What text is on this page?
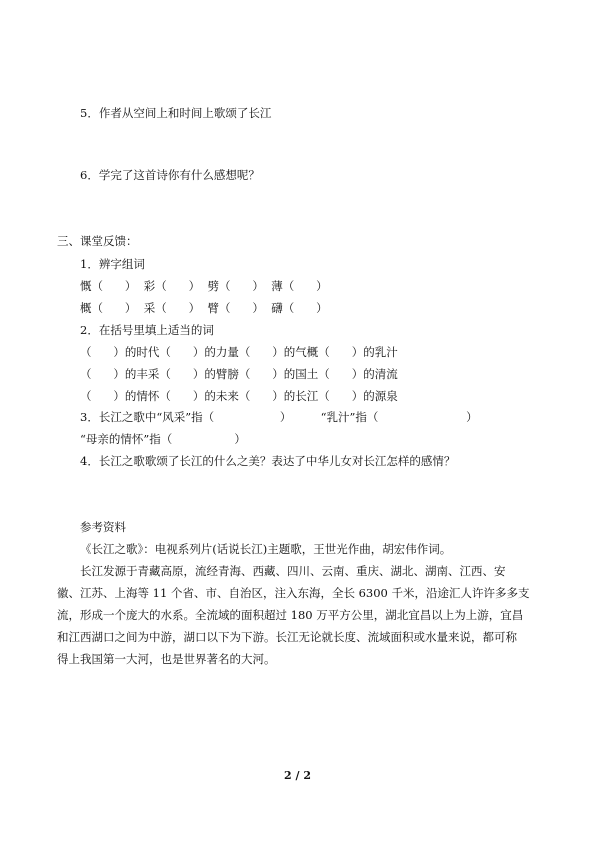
5．作者从空间上和时间上歌颂了长江
6．学完了这首诗你有什么感想呢？
三、课堂反馈：
1．辨字组词
慨（      ）  彩（      ）  劈（      ）  薄（      ）
概（      ）  采（      ）  臂（      ）  礴（      ）
2．在括号里填上适当的词
（      ）的时代（      ）的力量（      ）的气概（      ）的乳汁
（      ）的丰采（      ）的臂膀（      ）的国土（      ）的清流
（      ）的情怀（      ）的未来（      ）的长江（      ）的源泉
3．长江之歌中“风采”指（                  ）        “乳汁”指（                        ）
“母亲的情怀”指（                 ）
4．长江之歌歌颂了长江的什么之美？表达了中华儿女对长江怎样的感情？
参考资料
《长江之歌》：电视系列片(话说长江)主题歌，王世光作曲，胡宏伟作词。
长江发源于青藏高原，流经青海、西藏、四川、云南、重庆、湖北、湖南、江西、安
徽、江苏、上海等 11 个省、市、自治区，注入东海，全长 6300 千米，沿途汇人许许多多支
流，形成一个庞大的水系。全流域的面积超过 180 万平方公里，湖北宜昌以上为上游，宜昌
和江西湖口之间为中游，湖口以下为下游。长江无论就长度、流域面积或水量来说，都可称
得上我国第一大河，也是世界著名的大河。
2 / 2
